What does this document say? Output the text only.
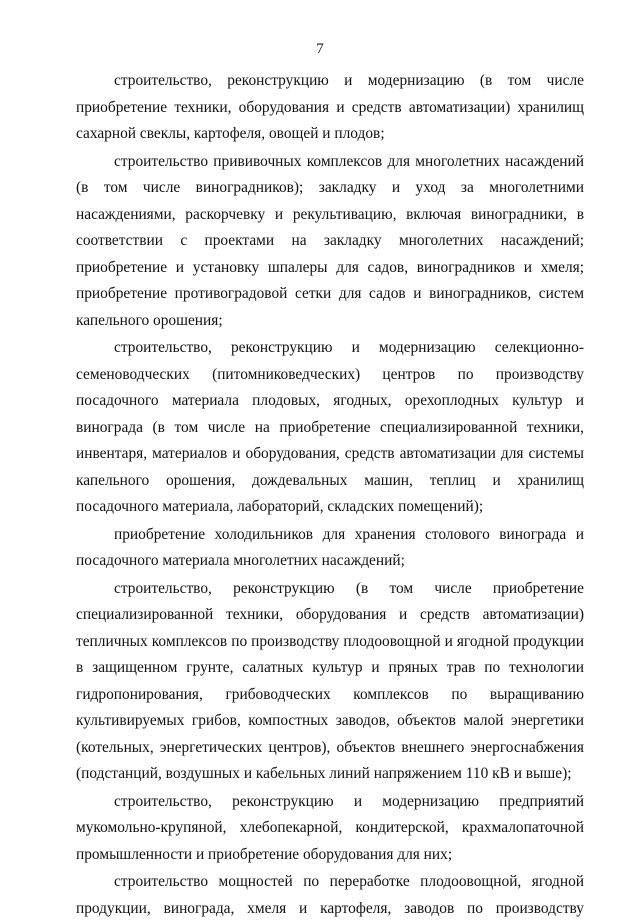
7

строительство, реконструкцию и модернизацию (в том числе приобретение техники, оборудования и средств автоматизации) хранилищ сахарной свеклы, картофеля, овощей и плодов;

строительство прививочных комплексов для многолетних насаждений (в том числе виноградников); закладку и уход за многолетними насаждениями, раскорчевку и рекультивацию, включая виноградники, в соответствии с проектами на закладку многолетних насаждений; приобретение и установку шпалеры для садов, виноградников и хмеля; приобретение противоградовой сетки для садов и виноградников, систем капельного орошения;

строительство, реконструкцию и модернизацию селекционно-семеноводческих (питомниковедческих) центров по производству посадочного материала плодовых, ягодных, орехоплодных культур и винограда (в том числе на приобретение специализированной техники, инвентаря, материалов и оборудования, средств автоматизации для системы капельного орошения, дождевальных машин, теплиц и хранилищ посадочного материала, лабораторий, складских помещений);

приобретение холодильников для хранения столового винограда и посадочного материала многолетних насаждений;

строительство, реконструкцию (в том числе приобретение специализированной техники, оборудования и средств автоматизации) тепличных комплексов по производству плодоовощной и ягодной продукции в защищенном грунте, салатных культур и пряных трав по технологии гидропонирования, грибоводческих комплексов по выращиванию культивируемых грибов, компостных заводов, объектов малой энергетики (котельных, энергетических центров), объектов внешнего энергоснабжения (подстанций, воздушных и кабельных линий напряжением 110 кВ и выше);

строительство, реконструкцию и модернизацию предприятий мукомольно-крупяной, хлебопекарной, кондитерской, крахмалопаточной промышленности и приобретение оборудования для них;

строительство мощностей по переработке плодоовощной, ягодной продукции, винограда, хмеля и картофеля, заводов по производству
